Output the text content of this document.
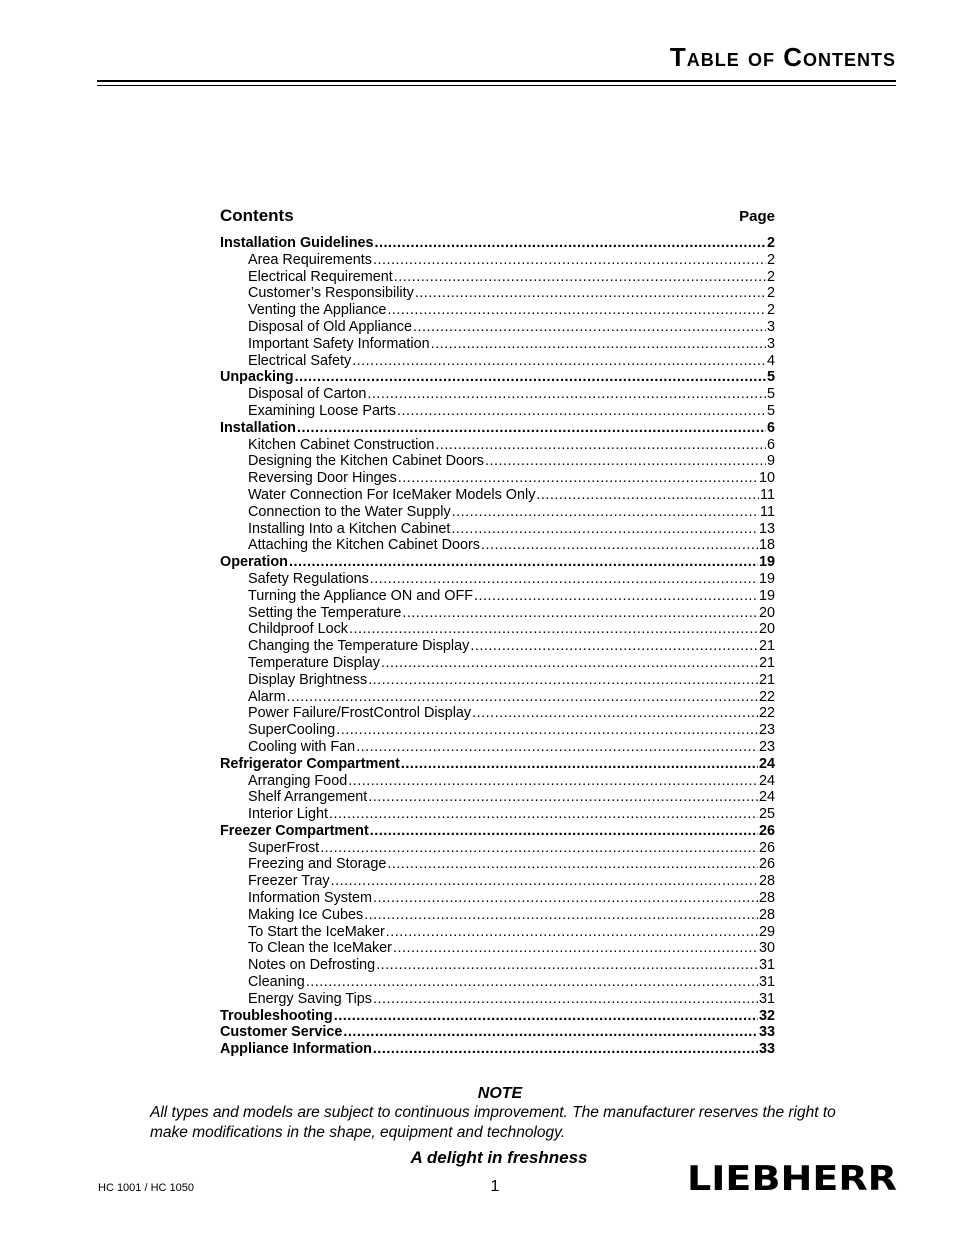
Table of Contents
Contents	Page
Installation Guidelines .....	2
Area Requirements .....	2
Electrical Requirement .....	2
Customer’s Responsibility .....	2
Venting the Appliance .....	2
Disposal of Old Appliance .....	3
Important Safety Information .....	3
Electrical Safety .....	4
Unpacking .....	5
Disposal of Carton .....	5
Examining Loose Parts .....	5
Installation .....	6
Kitchen Cabinet Construction .....	6
Designing the Kitchen Cabinet Doors .....	9
Reversing Door Hinges .....	10
Water Connection For IceMaker Models Only .....	11
Connection to the Water Supply .....	11
Installing Into a Kitchen Cabinet .....	13
Attaching the Kitchen Cabinet Doors .....	18
Operation .....	19
Safety Regulations .....	19
Turning the Appliance ON and OFF .....	19
Setting the Temperature .....	20
Childproof Lock .....	20
Changing the Temperature Display .....	21
Temperature Display .....	21
Display Brightness .....	21
Alarm .....	22
Power Failure/FrostControl Display .....	22
SuperCooling .....	23
Cooling with Fan .....	23
Refrigerator Compartment .....	24
Arranging Food .....	24
Shelf Arrangement .....	24
Interior Light .....	25
Freezer Compartment .....	26
SuperFrost .....	26
Freezing and Storage .....	26
Freezer Tray .....	28
Information System .....	28
Making Ice Cubes .....	28
To Start the IceMaker .....	29
To Clean the IceMaker .....	30
Notes on Defrosting .....	31
Cleaning .....	31
Energy Saving Tips .....	31
Troubleshooting .....	32
Customer Service .....	33
Appliance Information .....	33
NOTE
All types and models are subject to continuous improvement. The manufacturer reserves the right to make modifications in the shape, equipment and technology.
A delight in freshness
HC 1001 / HC 1050	1	LIEBHERR
